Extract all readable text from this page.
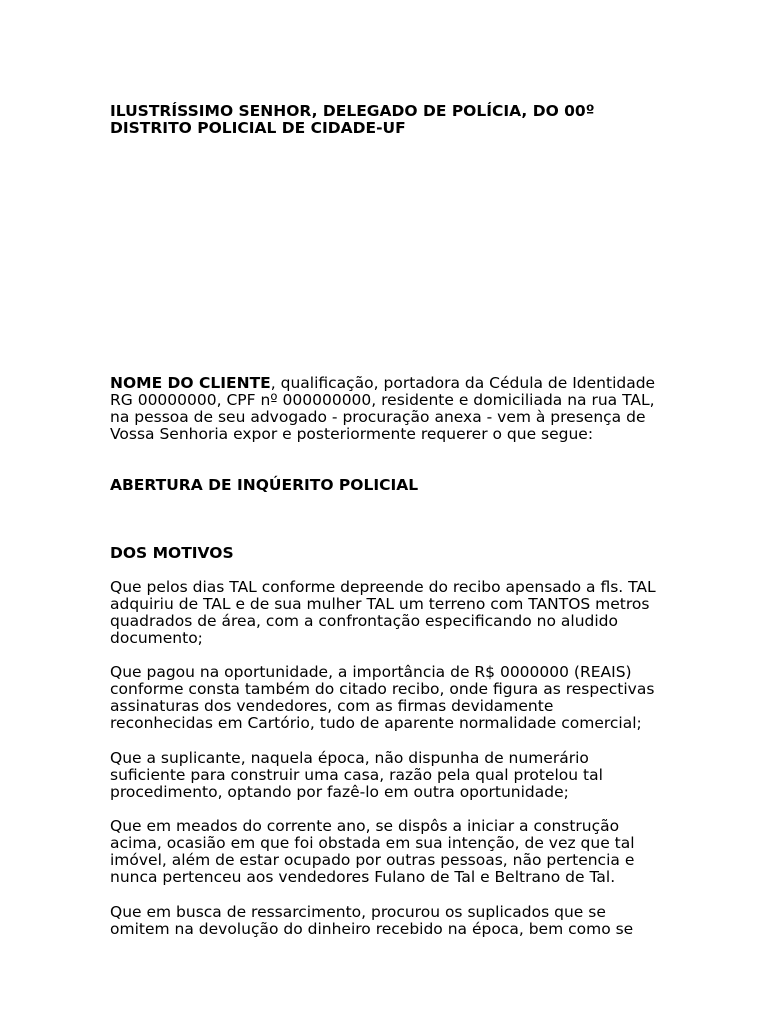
ILUSTRÍSSIMO SENHOR, DELEGADO DE POLÍCIA, DO 00º
DISTRITO POLICIAL DE CIDADE-UF

NOME DO CLIENTE, qualificação, portadora da Cédula de Identidade
RG 00000000, CPF nº 000000000, residente e domiciliada na rua TAL,
na pessoa de seu advogado - procuração anexa - vem à presença de
Vossa Senhoria expor e posteriormente requerer o que segue:

ABERTURA DE INQÚERITO POLICIAL

DOS MOTIVOS

Que pelos dias TAL conforme depreende do recibo apensado a fls. TAL
adquiriu de TAL e de sua mulher TAL um terreno com TANTOS metros
quadrados de área, com a confrontação especificando no aludido
documento;

Que pagou na oportunidade, a importância de R$ 0000000 (REAIS)
conforme consta também do citado recibo, onde figura as respectivas
assinaturas dos vendedores, com as firmas devidamente
reconhecidas em Cartório, tudo de aparente normalidade comercial;

Que a suplicante, naquela época, não dispunha de numerário
suficiente para construir uma casa, razão pela qual protelou tal
procedimento, optando por fazê-lo em outra oportunidade;

Que em meados do corrente ano, se dispôs a iniciar a construção
acima, ocasião em que foi obstada em sua intenção, de vez que tal
imóvel, além de estar ocupado por outras pessoas, não pertencia e
nunca pertenceu aos vendedores Fulano de Tal e Beltrano de Tal.

Que em busca de ressarcimento, procurou os suplicados que se
omitem na devolução do dinheiro recebido na época, bem como se
